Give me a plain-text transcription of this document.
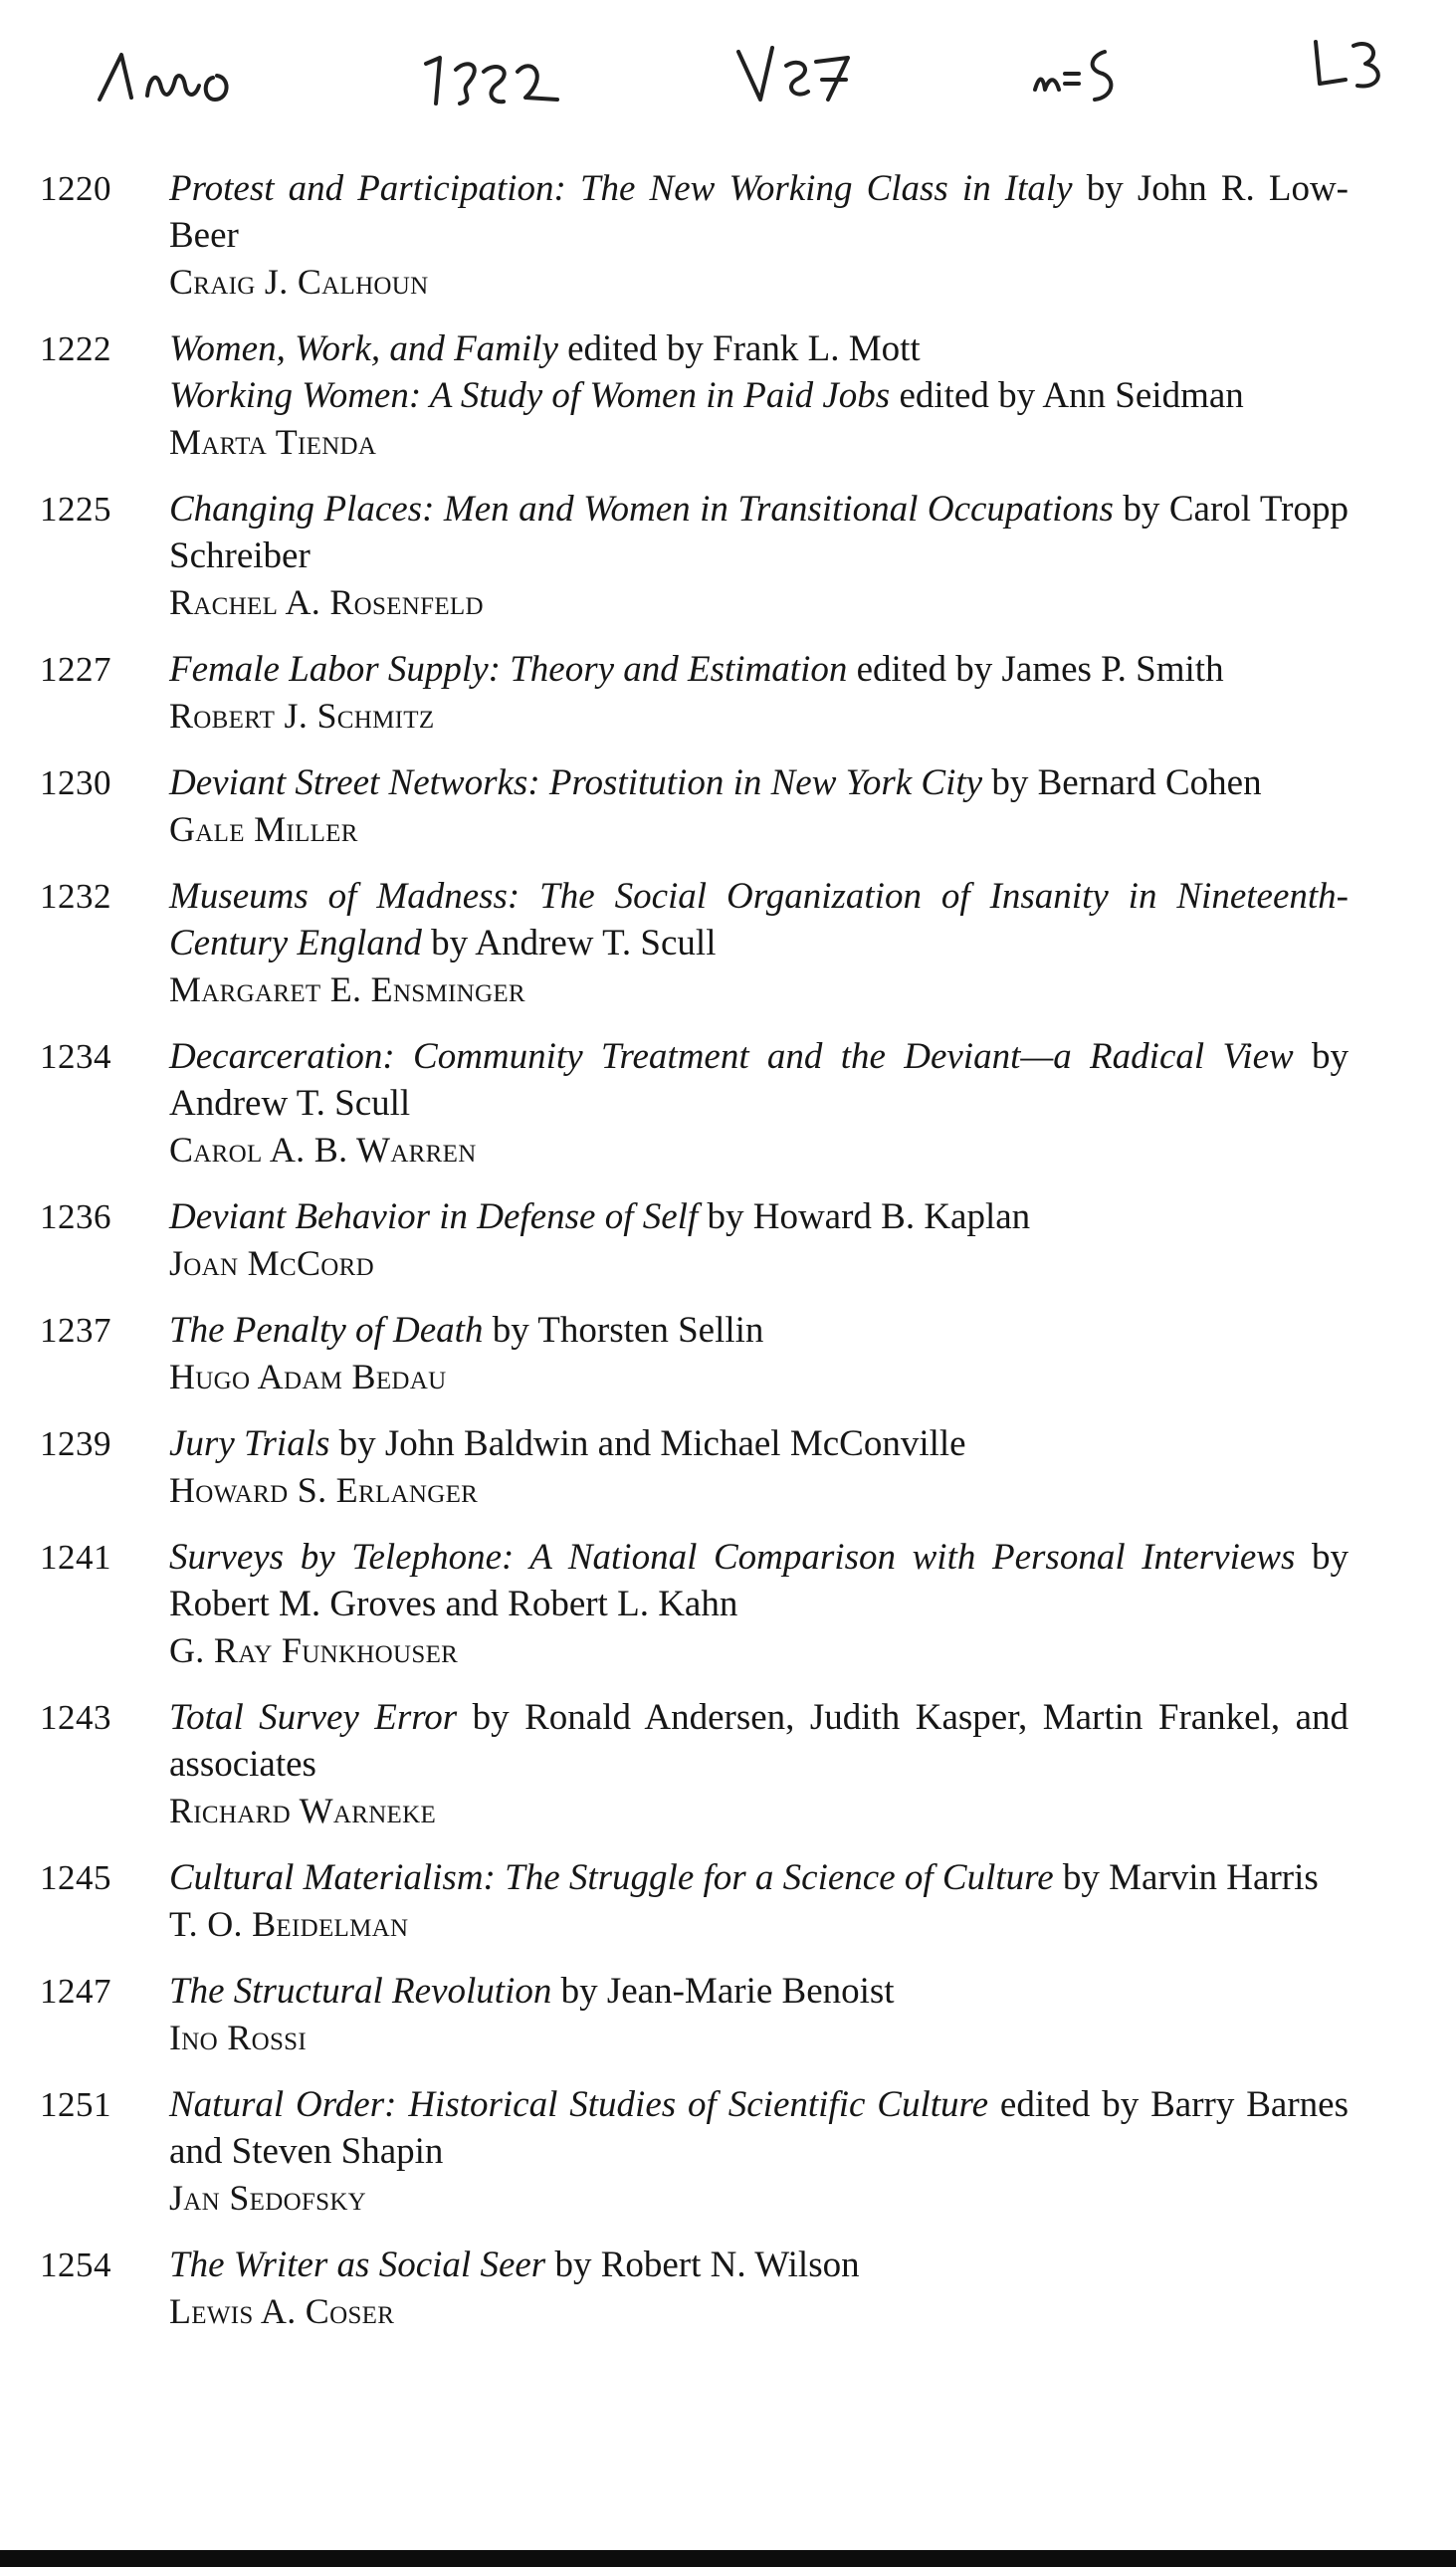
1220	Protest and Participation: The New Working Class in Italy by John R. Low-Beer
Craig J. Calhoun
1222	Women, Work, and Family edited by Frank L. Mott
Working Women: A Study of Women in Paid Jobs edited by Ann Seidman
Marta Tienda
1225	Changing Places: Men and Women in Transitional Occupations by Carol Tropp Schreiber
Rachel A. Rosenfeld
1227	Female Labor Supply: Theory and Estimation edited by James P. Smith
Robert J. Schmitz
1230	Deviant Street Networks: Prostitution in New York City by Bernard Cohen
Gale Miller
1232	Museums of Madness: The Social Organization of Insanity in Nineteenth-Century England by Andrew T. Scull
Margaret E. Ensminger
1234	Decarceration: Community Treatment and the Deviant—a Radical View by Andrew T. Scull
Carol A. B. Warren
1236	Deviant Behavior in Defense of Self by Howard B. Kaplan
Joan McCord
1237	The Penalty of Death by Thorsten Sellin
Hugo Adam Bedau
1239	Jury Trials by John Baldwin and Michael McConville
Howard S. Erlanger
1241	Surveys by Telephone: A National Comparison with Personal Interviews by Robert M. Groves and Robert L. Kahn
G. Ray Funkhouser
1243	Total Survey Error by Ronald Andersen, Judith Kasper, Martin Frankel, and associates
Richard Warneke
1245	Cultural Materialism: The Struggle for a Science of Culture by Marvin Harris
T. O. Beidelman
1247	The Structural Revolution by Jean-Marie Benoist
Ino Rossi
1251	Natural Order: Historical Studies of Scientific Culture edited by Barry Barnes and Steven Shapin
Jan Sedofsky
1254	The Writer as Social Seer by Robert N. Wilson
Lewis A. Coser
